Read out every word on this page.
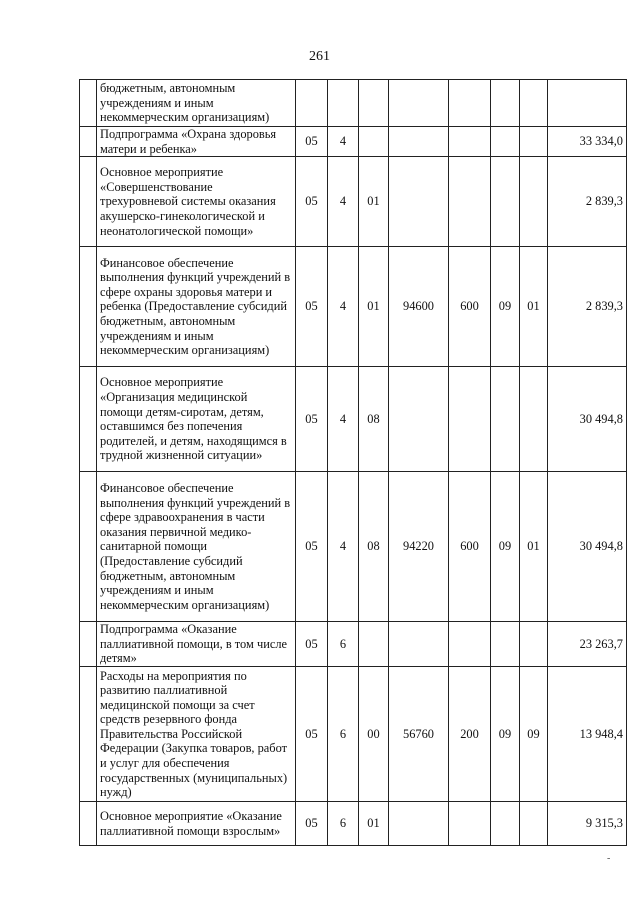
261
	бюджетным, автономным учреждениям и иным некоммерческим организациям)								
	Подпрограмма «Охрана здоровья матери и ребенка»	05	4						33 334,0
	Основное мероприятие «Совершенствование трехуровневой системы оказания акушерско-гинекологической и неонатологической помощи»	05	4	01					2 839,3
	Финансовое обеспечение выполнения функций учреждений в сфере охраны здоровья матери и ребенка (Предоставление субсидий бюджетным, автономным учреждениям и иным некоммерческим организациям)	05	4	01	94600	600	09	01	2 839,3
	Основное мероприятие «Организация медицинской помощи детям-сиротам, детям, оставшимся без попечения родителей, и детям, находящимся в трудной жизненной ситуации»	05	4	08					30 494,8
	Финансовое обеспечение выполнения функций учреждений в сфере здравоохранения в части оказания первичной медико-санитарной помощи (Предоставление субсидий бюджетным, автономным учреждениям и иным некоммерческим организациям)	05	4	08	94220	600	09	01	30 494,8
	Подпрограмма «Оказание паллиативной помощи, в том числе детям»	05	6						23 263,7
	Расходы на мероприятия по развитию паллиативной медицинской помощи за счет средств резервного фонда Правительства Российской Федерации (Закупка товаров, работ и услуг для обеспечения государственных (муниципальных) нужд)	05	6	00	56760	200	09	09	13 948,4
	Основное мероприятие «Оказание паллиативной помощи взрослым»	05	6	01					9 315,3
-
